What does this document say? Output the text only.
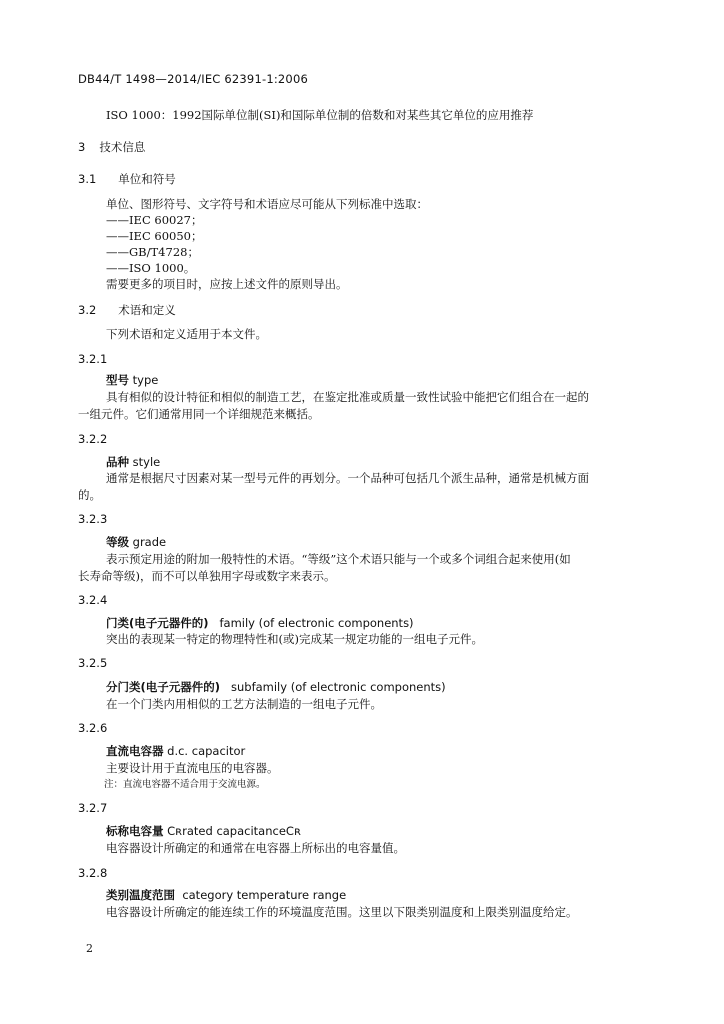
DB44/T 1498—2014/IEC 62391-1:2006
ISO 1000：1992国际单位制(SI)和国际单位制的倍数和对某些其它单位的应用推荐
3 技术信息
3.1 单位和符号
单位、图形符号、文字符号和术语应尽可能从下列标准中选取：
——IEC 60027；
——IEC 60050；
——GB/T4728；
——ISO 1000。
需要更多的项目时，应按上述文件的原则导出。
3.2 术语和定义
下列术语和定义适用于本文件。
3.2.1
型号 type
具有相似的设计特征和相似的制造工艺，在鉴定批准或质量一致性试验中能把它们组合在一起的
一组元件。它们通常用同一个详细规范来概括。
3.2.2
品种 style
通常是根据尺寸因素对某一型号元件的再划分。一个品种可包括几个派生品种，通常是机械方面
的。
3.2.3
等级 grade
表示预定用途的附加一般特性的术语。“等级”这个术语只能与一个或多个词组合起来使用(如
长寿命等级)，而不可以单独用字母或数字来表示。
3.2.4
门类(电子元器件的) family (of electronic components)
突出的表现某一特定的物理特性和(或)完成某一规定功能的一组电子元件。
3.2.5
分门类(电子元器件的) subfamily (of electronic components)
在一个门类内用相似的工艺方法制造的一组电子元件。
3.2.6
直流电容器 d.c. capacitor
主要设计用于直流电压的电容器。
注：直流电容器不适合用于交流电源。
3.2.7
标称电容量 Cʀrated capacitanceCʀ
电容器设计所确定的和通常在电容器上所标出的电容量值。
3.2.8
类别温度范围 category temperature range
电容器设计所确定的能连续工作的环境温度范围。这里以下限类别温度和上限类别温度给定。
2
